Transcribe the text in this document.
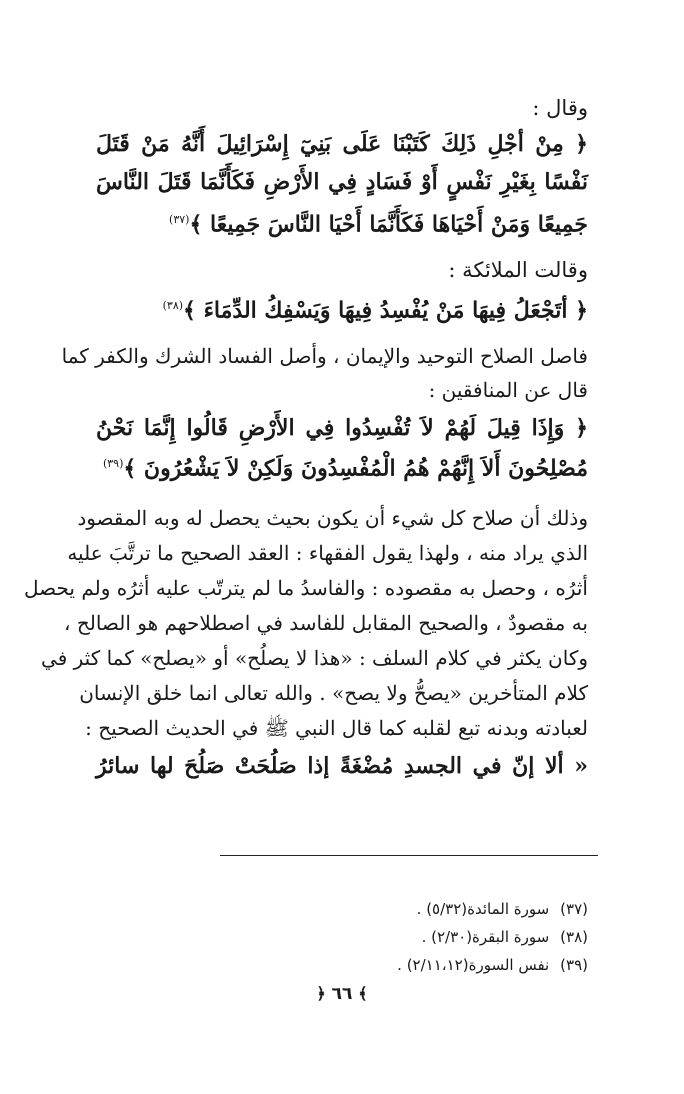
وقال :
﴿ مِنْ أجْلِ ذَلِكَ كَتَبْنَا عَلَى بَنِيٓ إِسْرَائِيلَ أَنَّهُ مَنْ قَتَلَ
نَفْسًا بِغَيْرِ نَفْسٍ أَوْ فَسَادٍ فِي الأَرْضِ فَكَأَنَّمَا قَتَلَ النَّاسَ
جَمِيعًا وَمَنْ أَحْيَاهَا فَكَأَنَّمَا أَحْيَا النَّاسَ جَمِيعًا ﴾$^{(٣٧)}$
وقالت الملائكة :
﴿ أتَجْعَلُ فِيهَا مَنْ يُفْسِدُ فِيهَا وَيَسْفِكُ الدِّمَاءَ ﴾$^{(٣٨)}$
فاصل الصلاح التوحيد والإيمان ، وأصل الفساد الشرك والكفر كما
قال عن المنافقين :
﴿ وَإِذَا قِيلَ لَهُمْ لاَ تُفْسِدُوا فِي الأَرْضِ قَالُوا إِنَّمَا نَحْنُ
مُصْلِحُونَ أَلاَ إِنَّهُمْ هُمُ الْمُفْسِدُونَ وَلَكِنْ لاَ يَشْعُرُونَ ﴾$^{(٣٩)}$
وذلك أن صلاح كل شيء أن يكون بحيث يحصل له وبه المقصود
الذي يراد منه ، ولهذا يقول الفقهاء : العقد الصحيح ما ترتَّبَ عليه
أثرُه ، وحصل به مقصوده : والفاسدُ ما لم يترتّب عليه أثرُه ولم يحصل
به مقصودٌ ، والصحيح المقابل للفاسد في اصطلاحهم هو الصالح ،
وكان يكثر في كلام السلف : «هذا لا يصلُح» أو «يصلح» كما كثر في
كلام المتأخرين «يصحُّ ولا يصح» . والله تعالى انما خلق الإنسان
لعبادته وبدنه تبع لقلبه كما قال النبي ﷺ في الحديث الصحيح :
« ألا إنّ في الجسدِ مُضْغَةً إذا صَلُحَتْ صَلُحَ لها سائرُ
(٣٧) سورة المائدة(٥/٣٢) .
(٣٨) سورة البقرة(٢/٣٠) .
(٣٩) نفس السورة(٢/١١،١٢) .
﴾ ٦٦ ﴿
